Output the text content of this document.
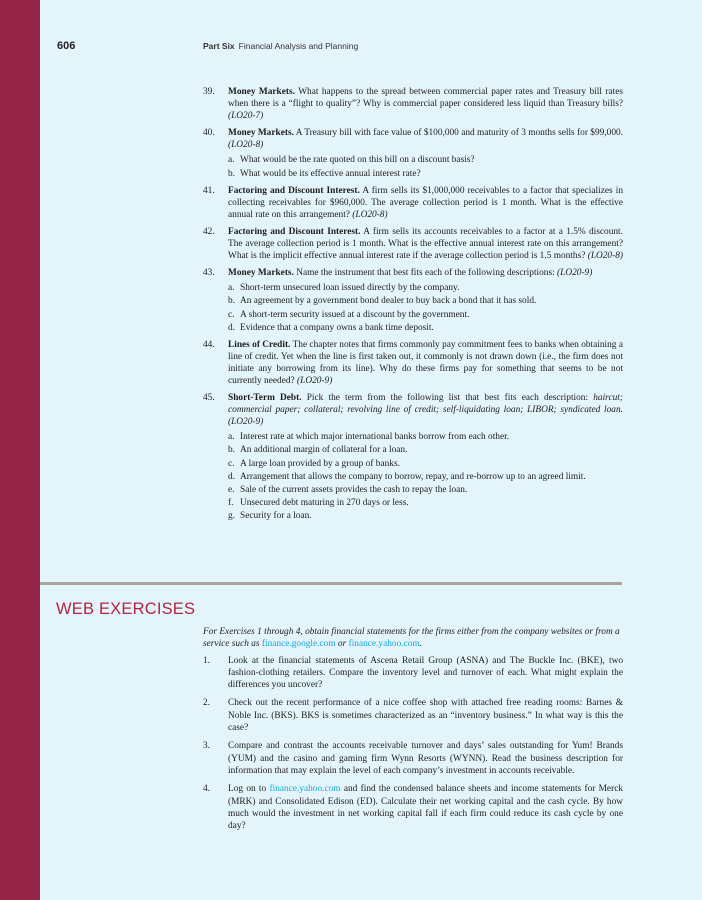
606	Part Six Financial Analysis and Planning
39. Money Markets. What happens to the spread between commercial paper rates and Treasury bill rates when there is a “flight to quality”? Why is commercial paper considered less liquid than Treasury bills? (LO20-7)
40. Money Markets. A Treasury bill with face value of $100,000 and maturity of 3 months sells for $99,000. (LO20-8)
a. What would be the rate quoted on this bill on a discount basis?
b. What would be its effective annual interest rate?
41. Factoring and Discount Interest. A firm sells its $1,000,000 receivables to a factor that specializes in collecting receivables for $960,000. The average collection period is 1 month. What is the effective annual rate on this arrangement? (LO20-8)
42. Factoring and Discount Interest. A firm sells its accounts receivables to a factor at a 1.5% discount. The average collection period is 1 month. What is the effective annual interest rate on this arrangement? What is the implicit effective annual interest rate if the average collection period is 1.5 months? (LO20-8)
43. Money Markets. Name the instrument that best fits each of the following descriptions: (LO20-9)
a. Short-term unsecured loan issued directly by the company.
b. An agreement by a government bond dealer to buy back a bond that it has sold.
c. A short-term security issued at a discount by the government.
d. Evidence that a company owns a bank time deposit.
44. Lines of Credit. The chapter notes that firms commonly pay commitment fees to banks when obtaining a line of credit. Yet when the line is first taken out, it commonly is not drawn down (i.e., the firm does not initiate any borrowing from its line). Why do these firms pay for something that seems to be not currently needed? (LO20-9)
45. Short-Term Debt. Pick the term from the following list that best fits each description: haircut; commercial paper; collateral; revolving line of credit; self-liquidating loan; LIBOR; syndicated loan. (LO20-9)
a. Interest rate at which major international banks borrow from each other.
b. An additional margin of collateral for a loan.
c. A large loan provided by a group of banks.
d. Arrangement that allows the company to borrow, repay, and re-borrow up to an agreed limit.
e. Sale of the current assets provides the cash to repay the loan.
f. Unsecured debt maturing in 270 days or less.
g. Security for a loan.
WEB EXERCISES
For Exercises 1 through 4, obtain financial statements for the firms either from the company websites or from a service such as finance.google.com or finance.yahoo.com.
1. Look at the financial statements of Ascena Retail Group (ASNA) and The Buckle Inc. (BKE), two fashion-clothing retailers. Compare the inventory level and turnover of each. What might explain the differences you uncover?
2. Check out the recent performance of a nice coffee shop with attached free reading rooms: Barnes & Noble Inc. (BKS). BKS is sometimes characterized as an “inventory business.” In what way is this the case?
3. Compare and contrast the accounts receivable turnover and days’ sales outstanding for Yum! Brands (YUM) and the casino and gaming firm Wynn Resorts (WYNN). Read the business description for information that may explain the level of each company’s investment in accounts receivable.
4. Log on to finance.yahoo.com and find the condensed balance sheets and income statements for Merck (MRK) and Consolidated Edison (ED). Calculate their net working capital and the cash cycle. By how much would the investment in net working capital fall if each firm could reduce its cash cycle by one day?
